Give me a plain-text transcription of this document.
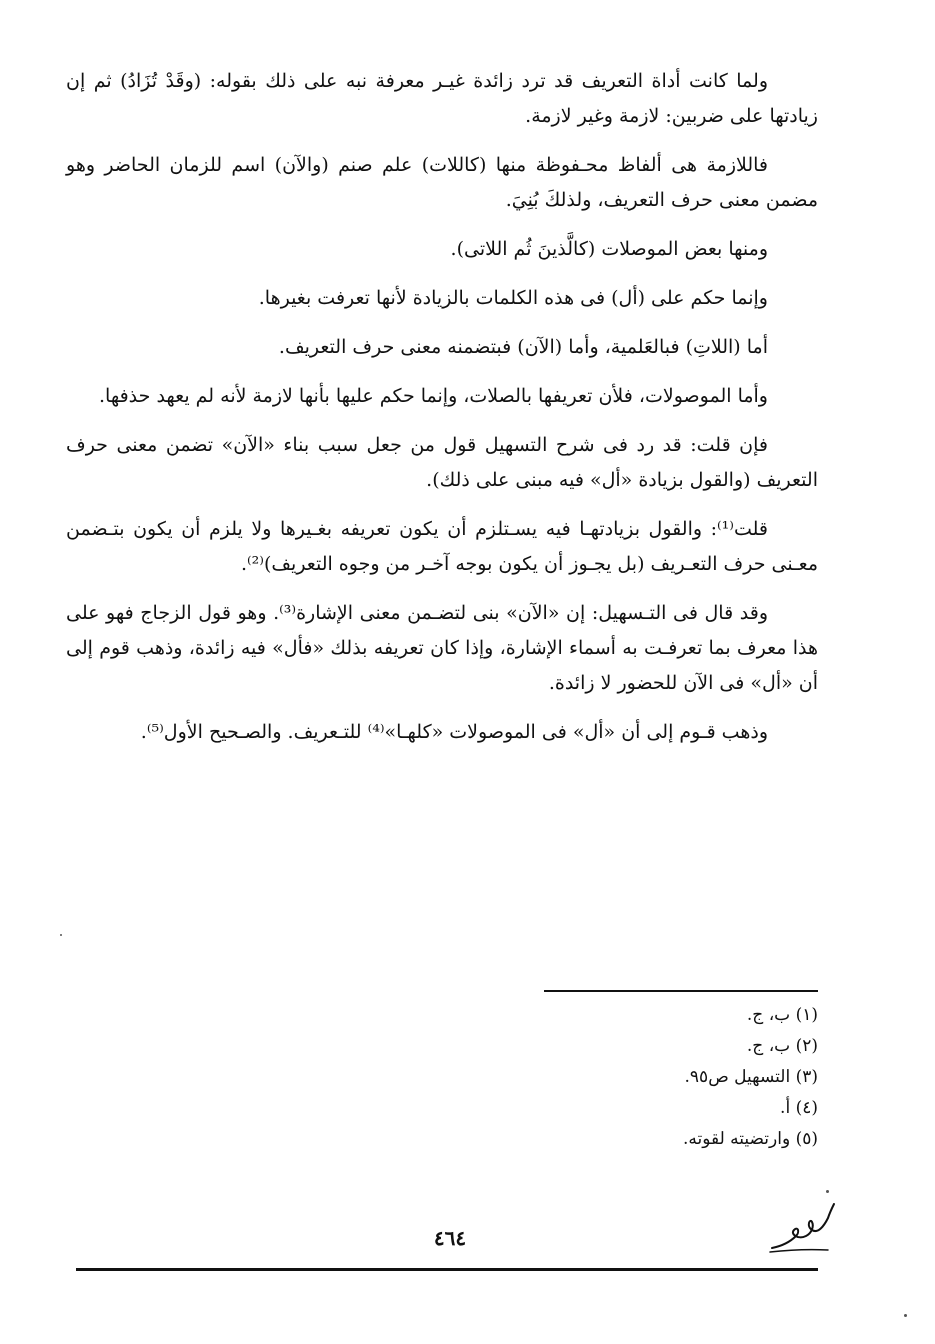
ولما كانت أداة التعريف قد ترد زائدة غيـر معرفة نبه على ذلك بقوله: (وقَدْ تُزَادُ) ثم إن زيادتها على ضربين: لازمة وغير لازمة.

فاللازمة هى ألفاظ محـفوظة منها (كاللات) علم صنم (والآن) اسم للزمان الحاضر وهو مضمن معنى حرف التعريف، ولذلكَ بُنِيَ.

ومنها بعض الموصلات (كالَّذينَ ثُم اللاتى).

وإنما حكم على (أل) فى هذه الكلمات بالزيادة لأنها تعرفت بغيرها.

أما (اللاتِ) فبالعَلمية، وأما (الآن) فبتضمنه معنى حرف التعريف.

وأما الموصولات، فلأن تعريفها بالصلات، وإنما حكم عليها بأنها لازمة لأنه لم يعهد حذفها.

فإن قلت: قد رد فى شرح التسهيل قول من جعل سبب بناء «الآن» تضمن معنى حرف التعريف (والقول بزيادة «أل» فيه مبنى على ذلك).

قلت⁽¹⁾: والقول بزيادتهـا فيه يسـتلزم أن يكون تعريفه بغـيرها ولا يلزم أن يكون بتـضمن معـنى حرف التعـريف (بل يجـوز أن يكون بوجه آخـر من وجوه التعريف)⁽²⁾.

وقد قال فى التـسهيل: إن «الآن» بنى لتضـمن معنى الإشارة⁽³⁾. وهو قول الزجاج فهو على هذا معرف بما تعرفـت به أسماء الإشارة، وإذا كان تعريفه بذلك «فأل» فيه زائدة، وذهب قوم إلى أن «أل» فى الآن للحضور لا زائدة.

وذهب قـوم إلى أن «أل» فى الموصولات «كلهـا»⁽⁴⁾ للتـعريف. والصـحيح الأول⁽⁵⁾.

(١) ب، ج.

(٢) ب، ج.

(٣) التسهيل ص٩٥.

(٤) أ.

(٥) وارتضيته لقوته.

٤٦٤
